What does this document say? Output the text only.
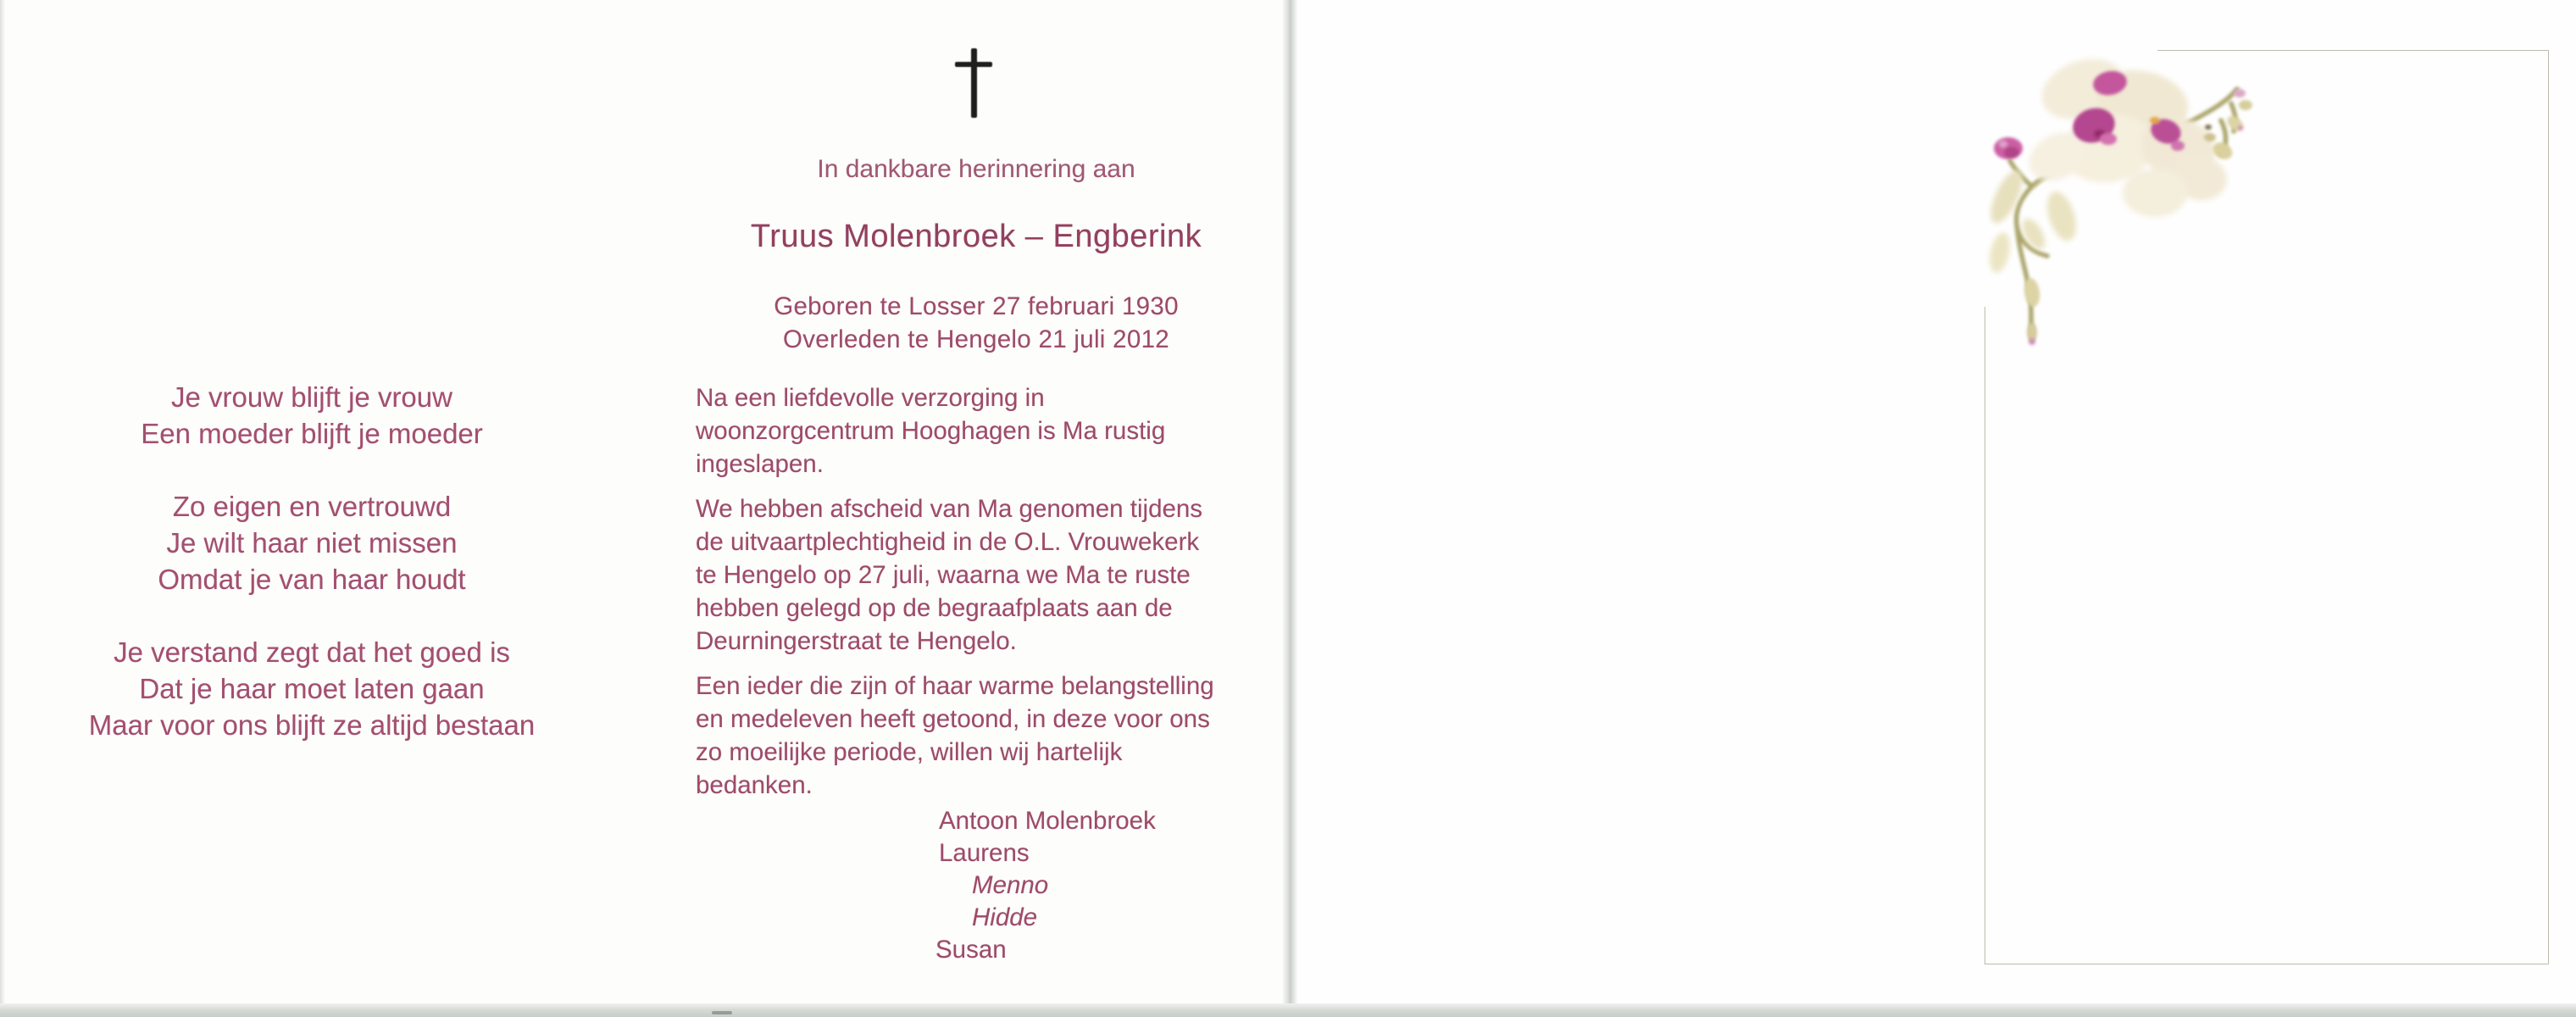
Je vrouw blijft je vrouw
Een moeder blijft je moeder
Zo eigen en vertrouwd
Je wilt haar niet missen
Omdat je van haar houdt
Je verstand zegt dat het goed is
Dat je haar moet laten gaan
Maar voor ons blijft ze altijd bestaan
In dankbare herinnering aan
Truus Molenbroek – Engberink
Geboren te Losser 27 februari 1930
Overleden te Hengelo 21 juli 2012
Na een liefdevolle verzorging in
woonzorgcentrum Hooghagen is Ma rustig
ingeslapen.
We hebben afscheid van Ma genomen tijdens
de uitvaartplechtigheid in de O.L. Vrouwekerk
te Hengelo op 27 juli, waarna we Ma te ruste
hebben gelegd op de begraafplaats aan de
Deurningerstraat te Hengelo.
Een ieder die zijn of haar warme belangstelling
en medeleven heeft getoond, in deze voor ons
zo moeilijke periode, willen wij hartelijk
bedanken.
Antoon Molenbroek
Laurens
Menno
Hidde
Susan
